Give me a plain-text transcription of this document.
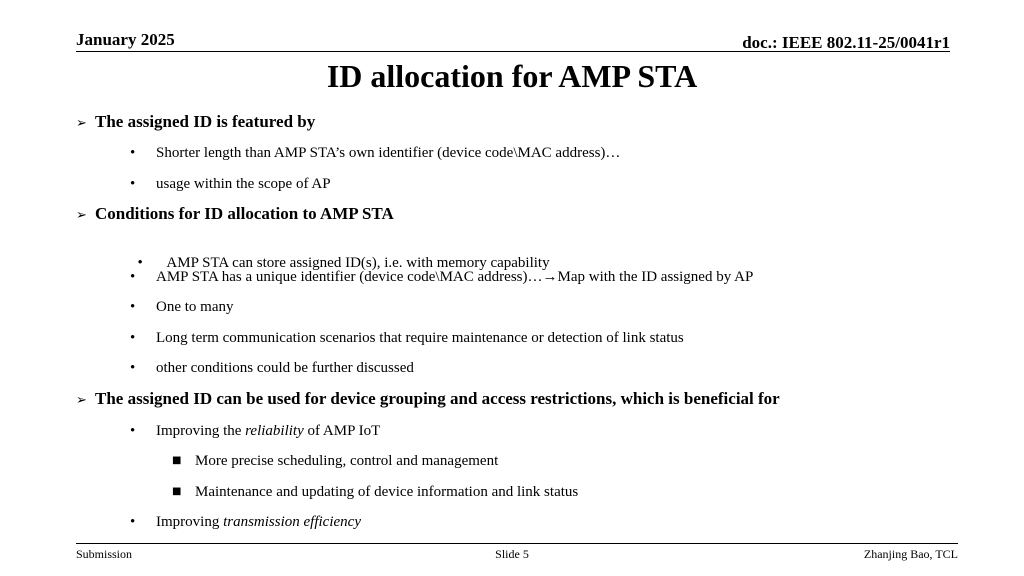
January 2025	doc.: IEEE 802.11-25/0041r1
ID allocation for AMP STA
➢ The assigned ID is featured by
• Shorter length than AMP STA’s own identifier (device code\MAC address)…
• usage within the scope of AP
➢ Conditions for ID allocation to AMP STA

• AMP STA can store assigned ID(s), i.e. with memory capability

• AMP STA has a unique identifier (device code\MAC address)…→Map with the ID assigned by AP
• One to many
• Long term communication scenarios that require maintenance or detection of link status
• other conditions could be further discussed
➢ The assigned ID can be used for device grouping and access restrictions, which is beneficial for
• Improving the reliability of AMP IoT
■ More precise scheduling, control and management
■ Maintenance and updating of device information and link status
• Improving transmission efficiency
Submission	Slide 5	Zhanjing Bao, TCL
